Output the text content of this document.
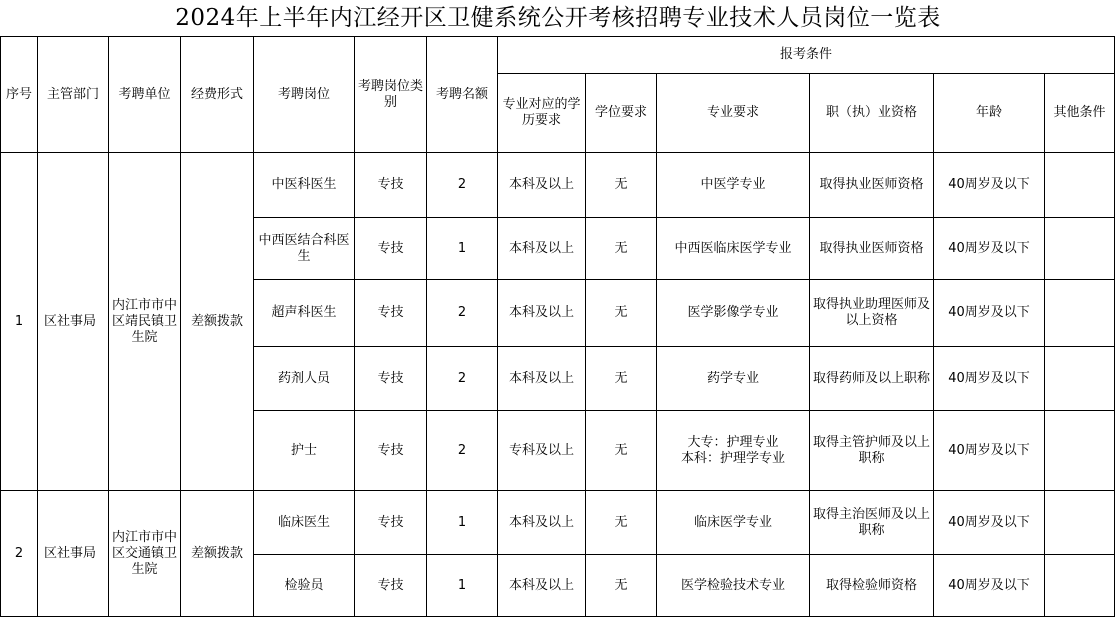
2024年上半年内江经开区卫健系统公开考核招聘专业技术人员岗位一览表
序号	主管部门	考聘单位	经费形式	考聘岗位	考聘岗位类别	考聘名额	报考条件					
							专业对应的学历要求	学位要求	专业要求	职（执）业资格	年龄	其他条件
1	区社事局	内江市市中区靖民镇卫生院	差额拨款	中医科医生	专技	2	本科及以上	无	中医学专业	取得执业医师资格	40周岁及以下	
				中西医结合科医生	专技	1	本科及以上	无	中西医临床医学专业	取得执业医师资格	40周岁及以下	
				超声科医生	专技	2	本科及以上	无	医学影像学专业	取得执业助理医师及以上资格	40周岁及以下	
				药剂人员	专技	2	本科及以上	无	药学专业	取得药师及以上职称	40周岁及以下	
				护士	专技	2	专科及以上	无	大专：护理专业
本科：护理学专业	取得主管护师及以上职称	40周岁及以下	
2	区社事局	内江市市中区交通镇卫生院	差额拨款	临床医生	专技	1	本科及以上	无	临床医学专业	取得主治医师及以上职称	40周岁及以下	
				检验员	专技	1	本科及以上	无	医学检验技术专业	取得检验师资格	40周岁及以下	
